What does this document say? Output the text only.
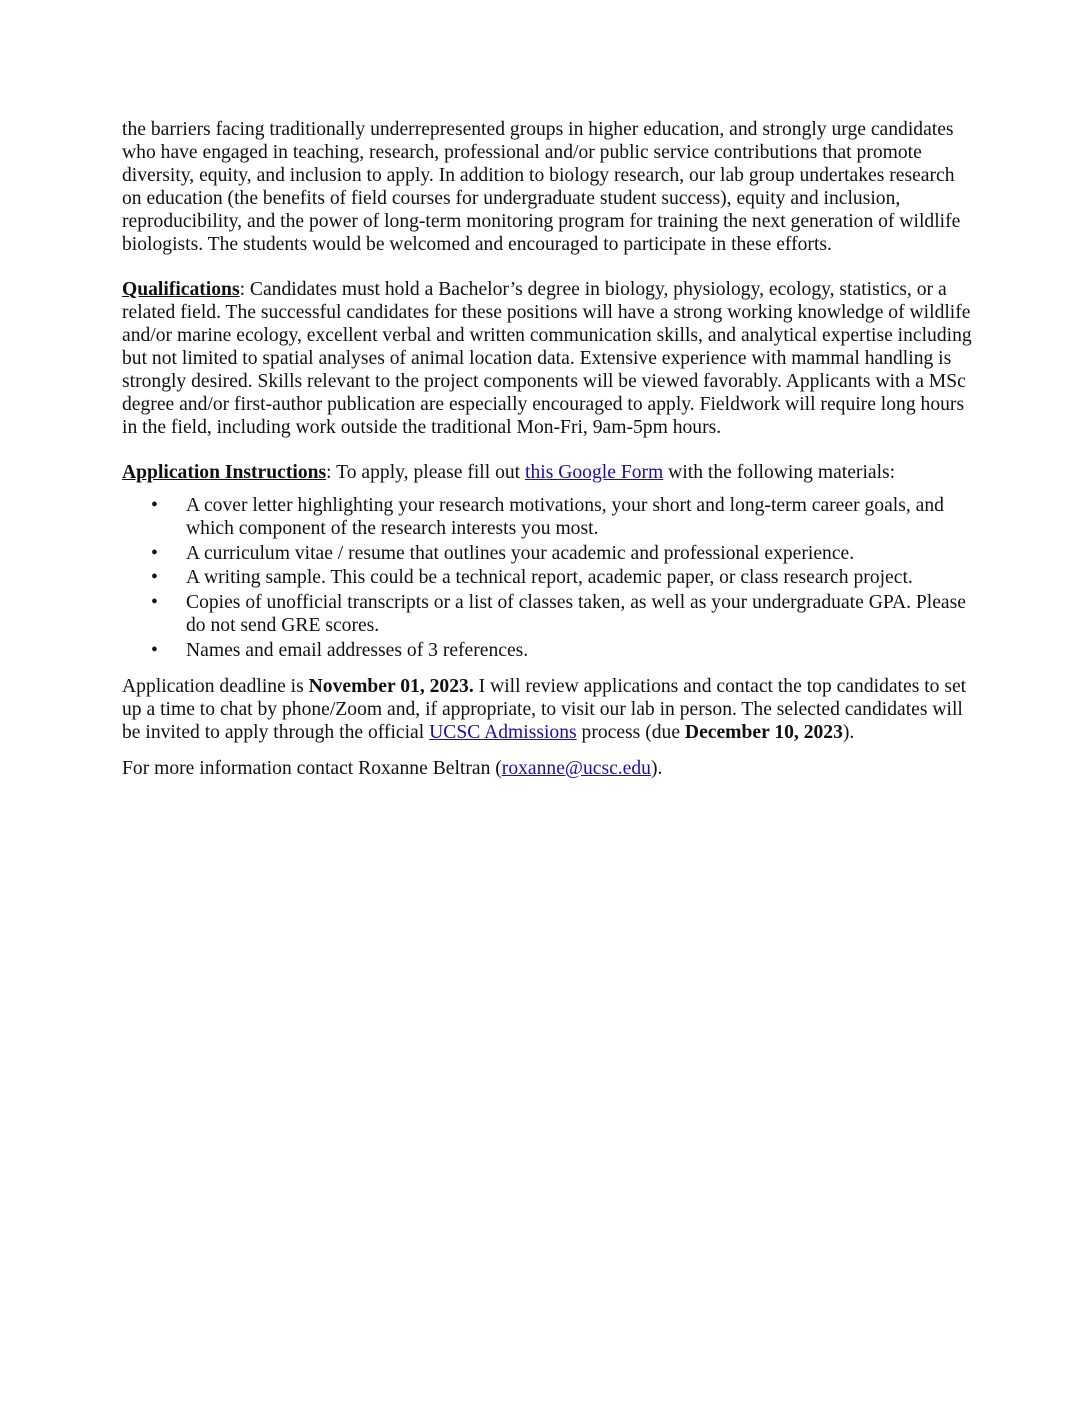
the barriers facing traditionally underrepresented groups in higher education, and strongly urge candidates who have engaged in teaching, research, professional and/or public service contributions that promote diversity, equity, and inclusion to apply. In addition to biology research, our lab group undertakes research on education (the benefits of field courses for undergraduate student success), equity and inclusion, reproducibility, and the power of long-term monitoring program for training the next generation of wildlife biologists. The students would be welcomed and encouraged to participate in these efforts.

Qualifications: Candidates must hold a Bachelor’s degree in biology, physiology, ecology, statistics, or a related field. The successful candidates for these positions will have a strong working knowledge of wildlife and/or marine ecology, excellent verbal and written communication skills, and analytical expertise including but not limited to spatial analyses of animal location data. Extensive experience with mammal handling is strongly desired. Skills relevant to the project components will be viewed favorably. Applicants with a MSc degree and/or first-author publication are especially encouraged to apply. Fieldwork will require long hours in the field, including work outside the traditional Mon-Fri, 9am-5pm hours.

Application Instructions: To apply, please fill out this Google Form with the following materials:

• A cover letter highlighting your research motivations, your short and long-term career goals, and which component of the research interests you most.
• A curriculum vitae / resume that outlines your academic and professional experience.
• A writing sample. This could be a technical report, academic paper, or class research project.
• Copies of unofficial transcripts or a list of classes taken, as well as your undergraduate GPA. Please do not send GRE scores.
• Names and email addresses of 3 references.

Application deadline is November 01, 2023. I will review applications and contact the top candidates to set up a time to chat by phone/Zoom and, if appropriate, to visit our lab in person. The selected candidates will be invited to apply through the official UCSC Admissions process (due December 10, 2023).

For more information contact Roxanne Beltran (roxanne@ucsc.edu).
